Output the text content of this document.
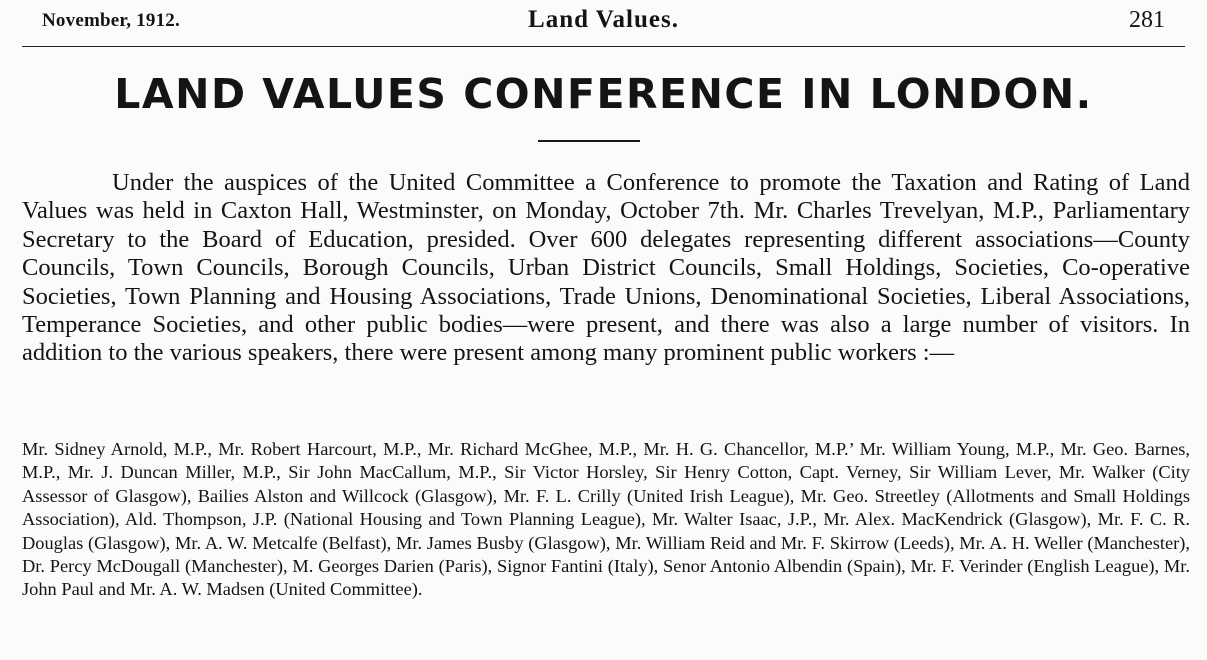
November, 1912.	Land Values.	281
LAND VALUES CONFERENCE IN LONDON.

Under the auspices of the United Committee a Conference to promote the Taxation and Rating of Land Values was held in Caxton Hall, Westminster, on Monday, October 7th. Mr. Charles Trevelyan, M.P., Parliamentary Secretary to the Board of Education, presided. Over 600 delegates representing different associations—County Councils, Town Councils, Borough Councils, Urban District Councils, Small Holdings, Societies, Co-operative Societies, Town Planning and Housing Associations, Trade Unions, Denominational Societies, Liberal Associations, Temperance Societies, and other public bodies—were present, and there was also a large number of visitors. In addition to the various speakers, there were present among many prominent public workers :—

Mr. Sidney Arnold, M.P., Mr. Robert Harcourt, M.P., Mr. Richard McGhee, M.P., Mr. H. G. Chancellor, M.P.’ Mr. William Young, M.P., Mr. Geo. Barnes, M.P., Mr. J. Duncan Miller, M.P., Sir John MacCallum, M.P., Sir Victor Horsley, Sir Henry Cotton, Capt. Verney, Sir William Lever, Mr. Walker (City Assessor of Glasgow), Bailies Alston and Willcock (Glasgow), Mr. F. L. Crilly (United Irish League), Mr. Geo. Streetley (Allotments and Small Holdings Association), Ald. Thompson, J.P. (National Housing and Town Planning League), Mr. Walter Isaac, J.P., Mr. Alex. MacKendrick (Glasgow), Mr. F. C. R. Douglas (Glasgow), Mr. A. W. Metcalfe (Belfast), Mr. James Busby (Glasgow), Mr. William Reid and Mr. F. Skirrow (Leeds), Mr. A. H. Weller (Manchester), Dr. Percy McDougall (Manchester), M. Georges Darien (Paris), Signor Fantini (Italy), Senor Antonio Albendin (Spain), Mr. F. Verinder (English League), Mr. John Paul and Mr. A. W. Madsen (United Committee).
